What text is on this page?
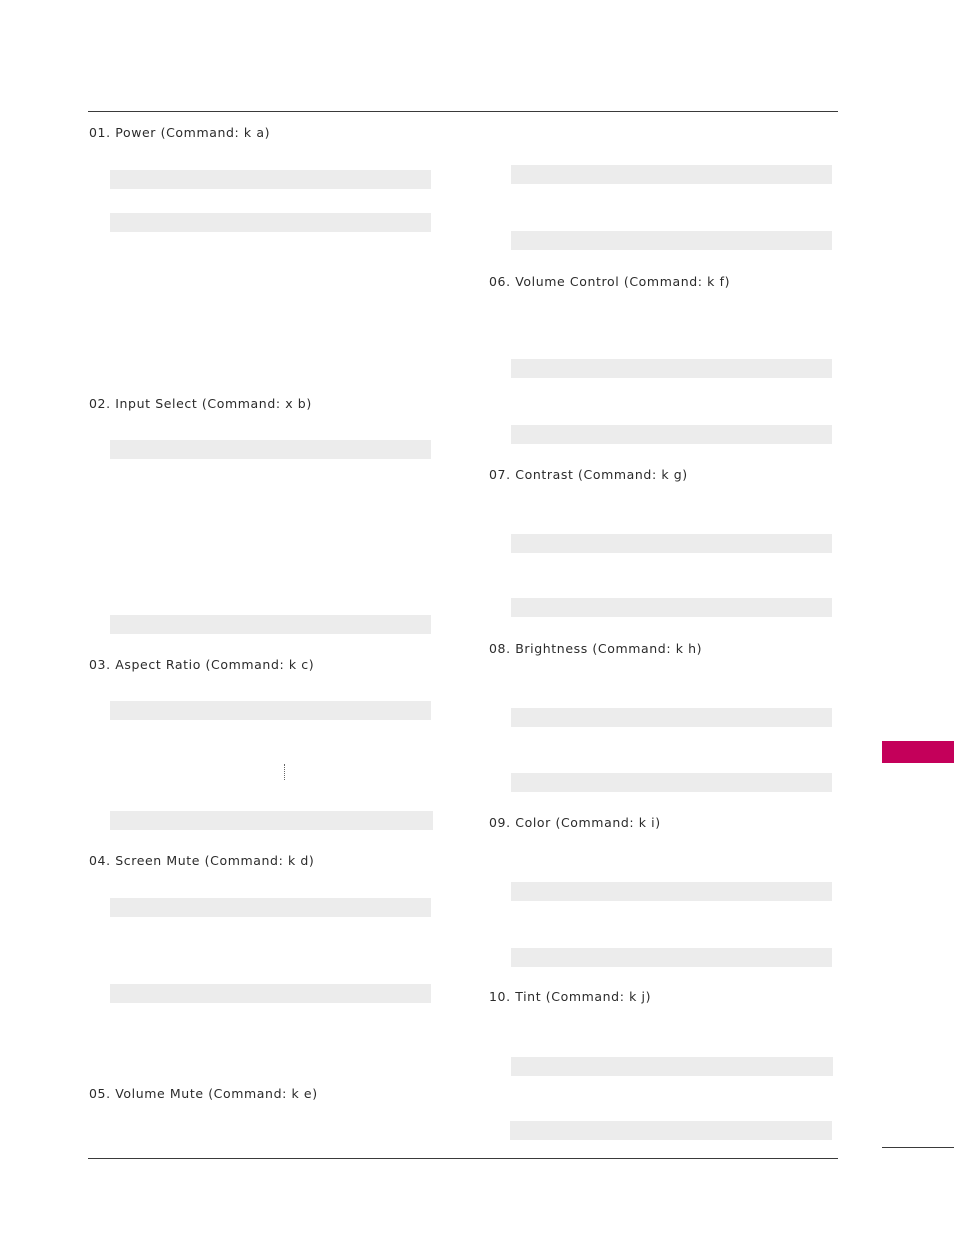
01. Power (Command: k a)
02. Input Select (Command: x b)
03. Aspect Ratio (Command: k c)
04. Screen Mute (Command: k d)
05. Volume Mute (Command: k e)
06. Volume Control (Command: k f)
07. Contrast (Command: k g)
08. Brightness (Command: k h)
09. Color (Command: k i)
10. Tint (Command: k j)
